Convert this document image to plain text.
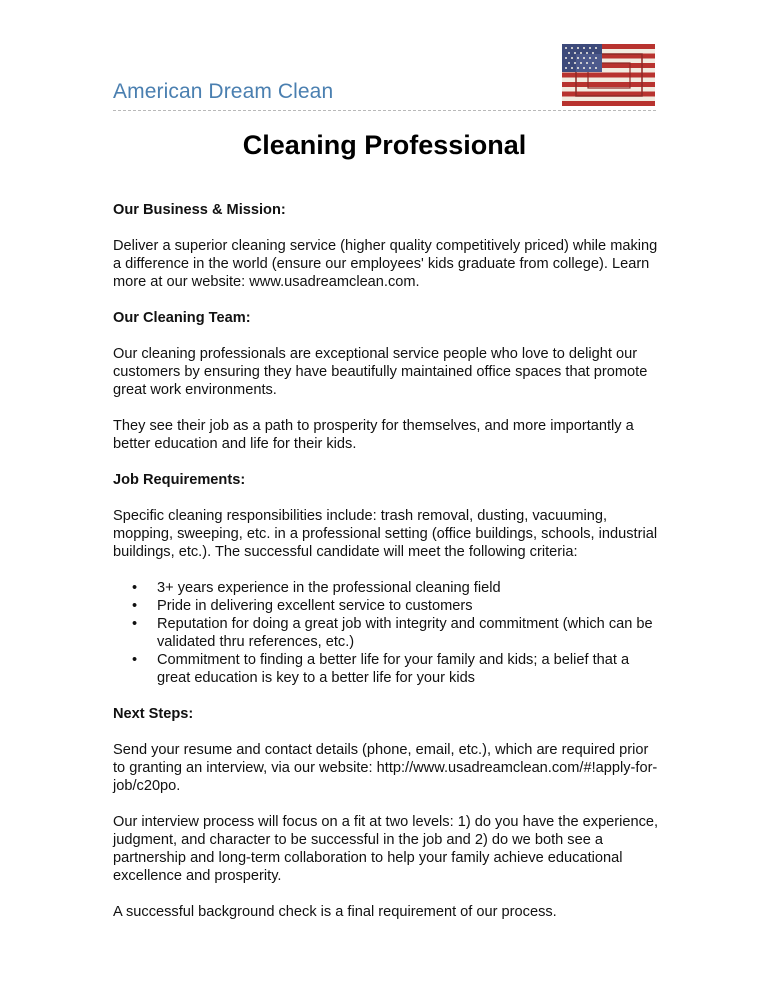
American Dream Clean
Cleaning Professional
Our Business & Mission:

Deliver a superior cleaning service (higher quality competitively priced) while making a difference in the world (ensure our employees' kids graduate from college). Learn more at our website: www.usadreamclean.com.

Our Cleaning Team:

Our cleaning professionals are exceptional service people who love to delight our customers by ensuring they have beautifully maintained office spaces that promote great work environments.

They see their job as a path to prosperity for themselves, and more importantly a better education and life for their kids.

Job Requirements:

Specific cleaning responsibilities include: trash removal, dusting, vacuuming, mopping, sweeping, etc. in a professional setting (office buildings, schools, industrial buildings, etc.). The successful candidate will meet the following criteria:

• 3+ years experience in the professional cleaning field
• Pride in delivering excellent service to customers
• Reputation for doing a great job with integrity and commitment (which can be validated thru references, etc.)
• Commitment to finding a better life for your family and kids; a belief that a great education is key to a better life for your kids
Next Steps:

Send your resume and contact details (phone, email, etc.), which are required prior to granting an interview, via our website: http://www.usadreamclean.com/#!apply-for-job/c20po.

Our interview process will focus on a fit at two levels: 1) do you have the experience, judgment, and character to be successful in the job and 2) do we both see a partnership and long-term collaboration to help your family achieve educational excellence and prosperity.

A successful background check is a final requirement of our process.
